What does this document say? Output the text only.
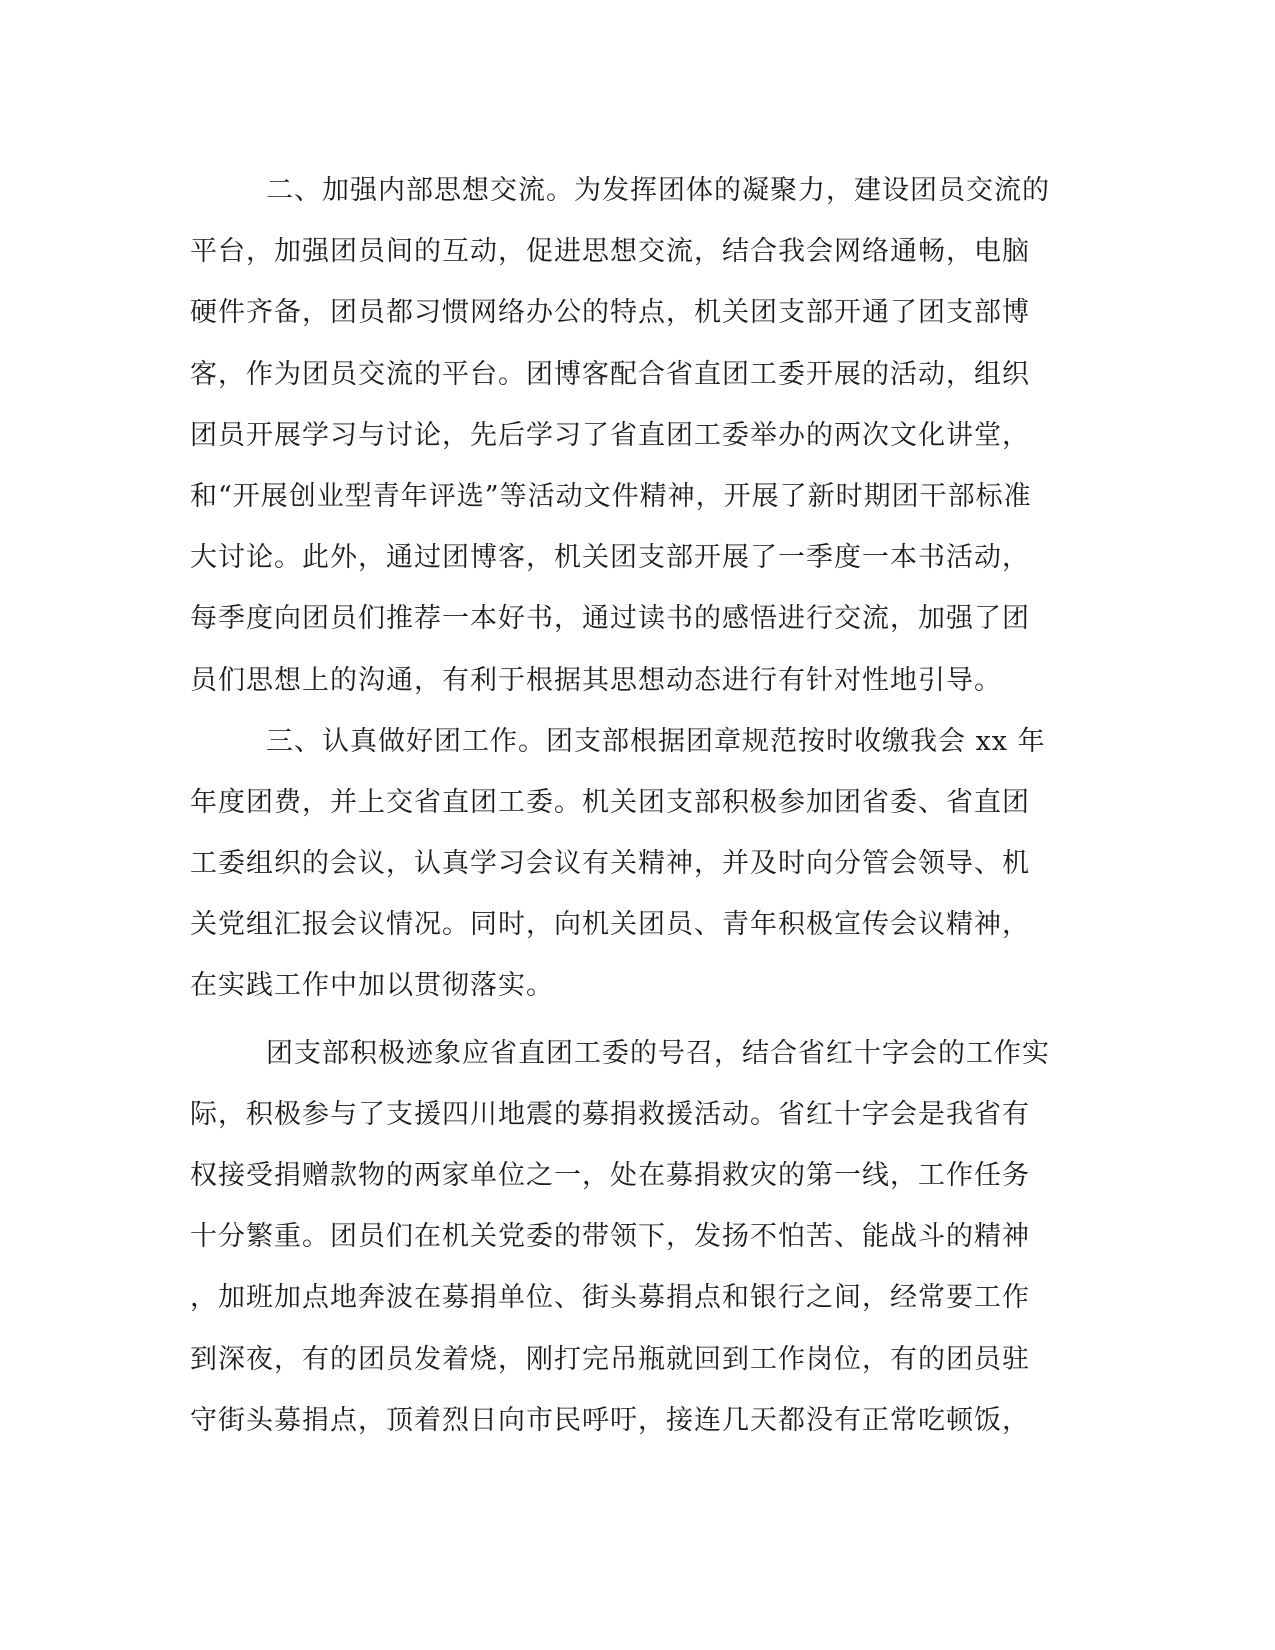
二、加强内部思想交流。为发挥团体的凝聚力，建设团员交流的
平台，加强团员间的互动，促进思想交流，结合我会网络通畅，电脑
硬件齐备，团员都习惯网络办公的特点，机关团支部开通了团支部博
客，作为团员交流的平台。团博客配合省直团工委开展的活动，组织
团员开展学习与讨论，先后学习了省直团工委举办的两次文化讲堂，
和“开展创业型青年评选”等活动文件精神，开展了新时期团干部标准
大讨论。此外，通过团博客，机关团支部开展了一季度一本书活动，
每季度向团员们推荐一本好书，通过读书的感悟进行交流，加强了团
员们思想上的沟通，有利于根据其思想动态进行有针对性地引导。
三、认真做好团工作。团支部根据团章规范按时收缴我会 xx 年
年度团费，并上交省直团工委。机关团支部积极参加团省委、省直团
工委组织的会议，认真学习会议有关精神，并及时向分管会领导、机
关党组汇报会议情况。同时，向机关团员、青年积极宣传会议精神，
在实践工作中加以贯彻落实。
团支部积极迹象应省直团工委的号召，结合省红十字会的工作实
际，积极参与了支援四川地震的募捐救援活动。省红十字会是我省有
权接受捐赠款物的两家单位之一，处在募捐救灾的第一线，工作任务
十分繁重。团员们在机关党委的带领下，发扬不怕苦、能战斗的精神
，加班加点地奔波在募捐单位、街头募捐点和银行之间，经常要工作
到深夜，有的团员发着烧，刚打完吊瓶就回到工作岗位，有的团员驻
守街头募捐点，顶着烈日向市民呼吁，接连几天都没有正常吃顿饭，
